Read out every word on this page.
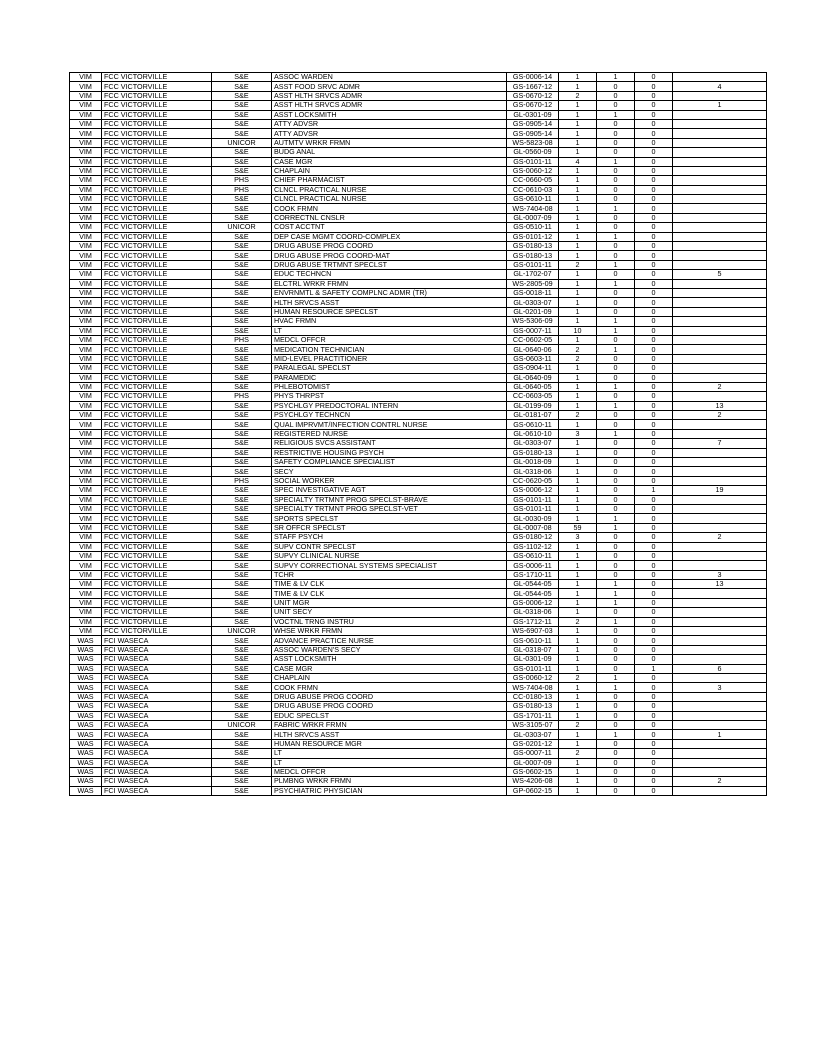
VIM	FCC VICTORVILLE	S&E	ASSOC WARDEN	GS-0006-14	1	1	0	
VIM	FCC VICTORVILLE	S&E	ASST FOOD SRVC ADMR	GS-1667-12	1	0	0	4
VIM	FCC VICTORVILLE	S&E	ASST HLTH SRVCS ADMR	GS-0670-12	2	0	0	
VIM	FCC VICTORVILLE	S&E	ASST HLTH SRVCS ADMR	GS-0670-12	1	0	0	1
VIM	FCC VICTORVILLE	S&E	ASST LOCKSMITH	GL-0301-09	1	1	0	
VIM	FCC VICTORVILLE	S&E	ATTY ADVSR	GS-0905-14	1	0	0	
VIM	FCC VICTORVILLE	S&E	ATTY ADVSR	GS-0905-14	1	0	0	
VIM	FCC VICTORVILLE	UNICOR	AUTMTV WRKR FRMN	WS-5823-08	1	0	0	
VIM	FCC VICTORVILLE	S&E	BUDG ANAL	GL-0560-09	1	0	0	
VIM	FCC VICTORVILLE	S&E	CASE MGR	GS-0101-11	4	1	0	
VIM	FCC VICTORVILLE	S&E	CHAPLAIN	GS-0060-12	1	0	0	
VIM	FCC VICTORVILLE	PHS	CHIEF PHARMACIST	CC-0660-05	1	0	0	
VIM	FCC VICTORVILLE	PHS	CLNCL PRACTICAL NURSE	CC-0610-03	1	0	0	
VIM	FCC VICTORVILLE	S&E	CLNCL PRACTICAL NURSE	GS-0610-11	1	0	0	
VIM	FCC VICTORVILLE	S&E	COOK FRMN	WS-7404-08	1	1	0	
VIM	FCC VICTORVILLE	S&E	CORRECTNL CNSLR	GL-0007-09	1	0	0	
VIM	FCC VICTORVILLE	UNICOR	COST ACCTNT	GS-0510-11	1	0	0	
VIM	FCC VICTORVILLE	S&E	DEP CASE MGMT COORD-COMPLEX	GS-0101-12	1	1	0	
VIM	FCC VICTORVILLE	S&E	DRUG ABUSE PROG COORD	GS-0180-13	1	0	0	
VIM	FCC VICTORVILLE	S&E	DRUG ABUSE PROG COORD-MAT	GS-0180-13	1	0	0	
VIM	FCC VICTORVILLE	S&E	DRUG ABUSE TRTMNT SPECLST	GS-0101-11	2	1	0	
VIM	FCC VICTORVILLE	S&E	EDUC TECHNCN	GL-1702-07	1	0	0	5
VIM	FCC VICTORVILLE	S&E	ELCTRL WRKR FRMN	WS-2805-09	1	1	0	
VIM	FCC VICTORVILLE	S&E	ENVRNMTL & SAFETY COMPLNC ADMR (TR)	GS-0018-11	1	0	0	
VIM	FCC VICTORVILLE	S&E	HLTH SRVCS ASST	GL-0303-07	1	0	0	
VIM	FCC VICTORVILLE	S&E	HUMAN RESOURCE SPECLST	GL-0201-09	1	0	0	
VIM	FCC VICTORVILLE	S&E	HVAC FRMN	WS-5306-09	1	1	0	
VIM	FCC VICTORVILLE	S&E	LT	GS-0007-11	10	1	0	
VIM	FCC VICTORVILLE	PHS	MEDCL OFFCR	CC-0602-05	1	0	0	
VIM	FCC VICTORVILLE	S&E	MEDICATION TECHNICIAN	GL-0640-06	2	1	0	
VIM	FCC VICTORVILLE	S&E	MID-LEVEL PRACTITIONER	GS-0603-11	2	0	0	
VIM	FCC VICTORVILLE	S&E	PARALEGAL SPECLST	GS-0904-11	1	0	0	
VIM	FCC VICTORVILLE	S&E	PARAMEDIC	GL-0640-09	1	0	0	
VIM	FCC VICTORVILLE	S&E	PHLEBOTOMIST	GL-0640-05	1	1	0	2
VIM	FCC VICTORVILLE	PHS	PHYS THRPST	CC-0603-05	1	0	0	
VIM	FCC VICTORVILLE	S&E	PSYCHLGY PREDOCTORAL INTERN	GL-0199-09	1	1	0	13
VIM	FCC VICTORVILLE	S&E	PSYCHLGY TECHNCN	GL-0181-07	2	0	0	2
VIM	FCC VICTORVILLE	S&E	QUAL IMPRVMT/INFECTION CONTRL NURSE	GS-0610-11	1	0	0	
VIM	FCC VICTORVILLE	S&E	REGISTERED NURSE	GL-0610-10	3	1	0	
VIM	FCC VICTORVILLE	S&E	RELIGIOUS SVCS ASSISTANT	GL-0303-07	1	0	0	7
VIM	FCC VICTORVILLE	S&E	RESTRICTIVE HOUSING PSYCH	GS-0180-13	1	0	0	
VIM	FCC VICTORVILLE	S&E	SAFETY COMPLIANCE SPECIALIST	GL-0018-09	1	0	0	
VIM	FCC VICTORVILLE	S&E	SECY	GL-0318-06	1	0	0	
VIM	FCC VICTORVILLE	PHS	SOCIAL WORKER	CC-0620-05	1	0	0	
VIM	FCC VICTORVILLE	S&E	SPEC INVESTIGATIVE AGT	GS-0006-12	1	0	1	19
VIM	FCC VICTORVILLE	S&E	SPECIALTY TRTMNT PROG SPECLST-BRAVE	GS-0101-11	1	0	0	
VIM	FCC VICTORVILLE	S&E	SPECIALTY TRTMNT PROG SPECLST-VET	GS-0101-11	1	0	0	
VIM	FCC VICTORVILLE	S&E	SPORTS SPECLST	GL-0030-09	1	1	0	
VIM	FCC VICTORVILLE	S&E	SR OFFCR SPECLST	GL-0007-08	59	1	0	
VIM	FCC VICTORVILLE	S&E	STAFF PSYCH	GS-0180-12	3	0	0	2
VIM	FCC VICTORVILLE	S&E	SUPV CONTR SPECLST	GS-1102-12	1	0	0	
VIM	FCC VICTORVILLE	S&E	SUPVY CLINICAL NURSE	GS-0610-11	1	0	0	
VIM	FCC VICTORVILLE	S&E	SUPVY CORRECTIONAL SYSTEMS SPECIALIST	GS-0006-11	1	0	0	
VIM	FCC VICTORVILLE	S&E	TCHR	GS-1710-11	1	0	0	3
VIM	FCC VICTORVILLE	S&E	TIME & LV CLK	GL-0544-05	1	1	0	13
VIM	FCC VICTORVILLE	S&E	TIME & LV CLK	GL-0544-05	1	1	0	
VIM	FCC VICTORVILLE	S&E	UNIT MGR	GS-0006-12	1	1	0	
VIM	FCC VICTORVILLE	S&E	UNIT SECY	GL-0318-06	1	0	0	
VIM	FCC VICTORVILLE	S&E	VOCTNL TRNG INSTRU	GS-1712-11	2	1	0	
VIM	FCC VICTORVILLE	UNICOR	WHSE WRKR FRMN	WS-6907-03	1	0	0	
WAS	FCI WASECA	S&E	ADVANCE PRACTICE NURSE	GS-0610-11	1	0	0	
WAS	FCI WASECA	S&E	ASSOC WARDEN'S SECY	GL-0318-07	1	0	0	
WAS	FCI WASECA	S&E	ASST LOCKSMITH	GL-0301-09	1	0	0	
WAS	FCI WASECA	S&E	CASE MGR	GS-0101-11	1	0	1	6
WAS	FCI WASECA	S&E	CHAPLAIN	GS-0060-12	2	1	0	
WAS	FCI WASECA	S&E	COOK FRMN	WS-7404-08	1	1	0	3
WAS	FCI WASECA	S&E	DRUG ABUSE PROG COORD	CC-0180-13	1	0	0	
WAS	FCI WASECA	S&E	DRUG ABUSE PROG COORD	GS-0180-13	1	0	0	
WAS	FCI WASECA	S&E	EDUC SPECLST	GS-1701-11	1	0	0	
WAS	FCI WASECA	UNICOR	FABRIC WRKR FRMN	WS-3105-07	2	0	0	
WAS	FCI WASECA	S&E	HLTH SRVCS ASST	GL-0303-07	1	1	0	1
WAS	FCI WASECA	S&E	HUMAN RESOURCE MGR	GS-0201-12	1	0	0	
WAS	FCI WASECA	S&E	LT	GS-0007-11	2	0	0	
WAS	FCI WASECA	S&E	LT	GL-0007-09	1	0	0	
WAS	FCI WASECA	S&E	MEDCL OFFCR	GS-0602-15	1	0	0	
WAS	FCI WASECA	S&E	PLMBNG WRKR FRMN	WS-4206-08	1	0	0	2
WAS	FCI WASECA	S&E	PSYCHIATRIC PHYSICIAN	GP-0602-15	1	0	0	
